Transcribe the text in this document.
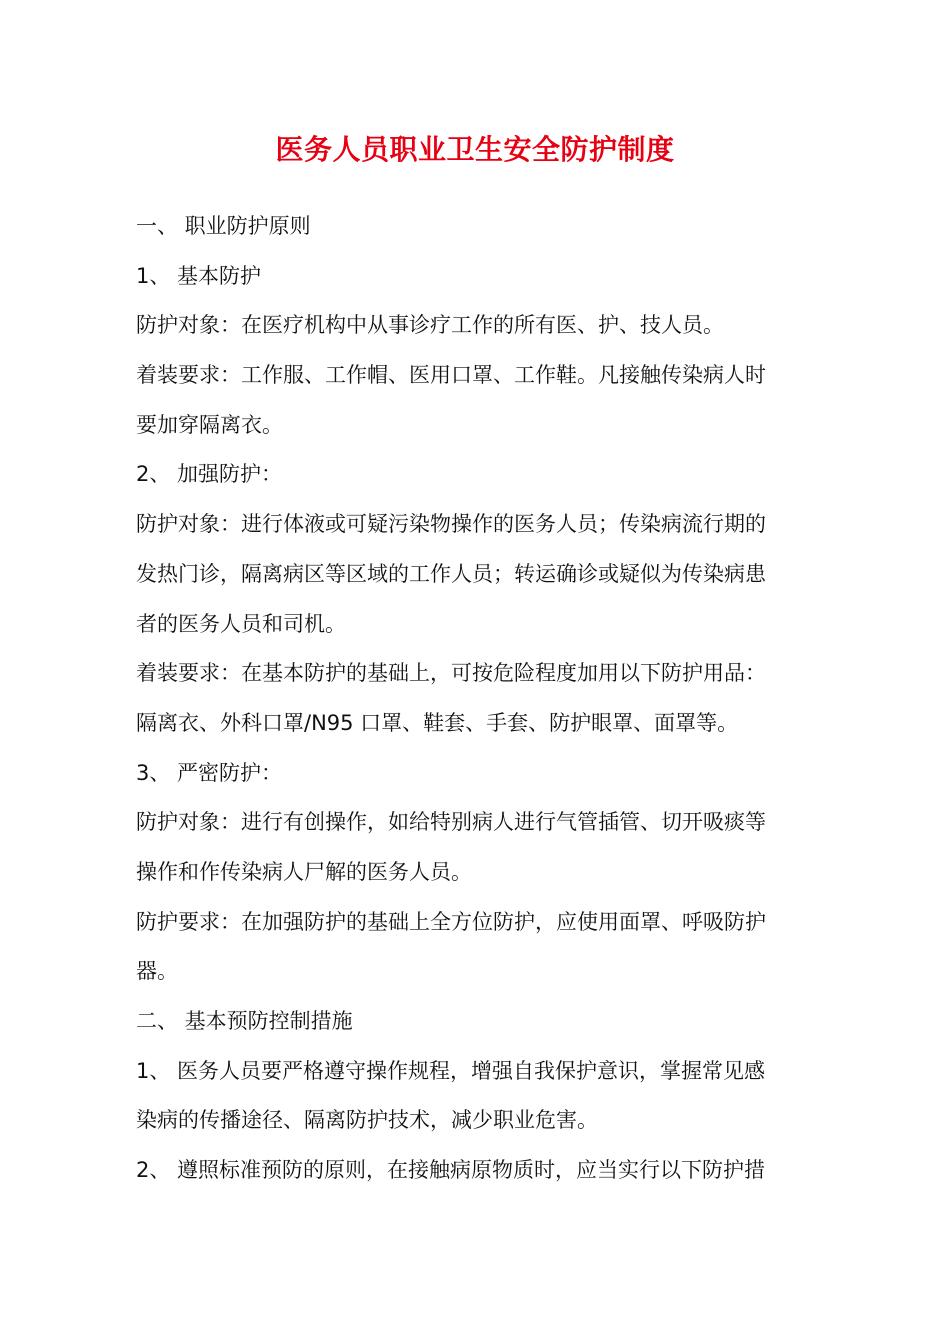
医务人员职业卫生安全防护制度
一、 职业防护原则
1、 基本防护
防护对象：在医疗机构中从事诊疗工作的所有医、护、技人员。
着装要求：工作服、工作帽、医用口罩、工作鞋。凡接触传染病人时
要加穿隔离衣。
2、 加强防护：
防护对象：进行体液或可疑污染物操作的医务人员；传染病流行期的
发热门诊，隔离病区等区域的工作人员；转运确诊或疑似为传染病患
者的医务人员和司机。
着装要求：在基本防护的基础上，可按危险程度加用以下防护用品：
隔离衣、外科口罩/N95 口罩、鞋套、手套、防护眼罩、面罩等。
3、 严密防护：
防护对象：进行有创操作，如给特别病人进行气管插管、切开吸痰等
操作和作传染病人尸解的医务人员。
防护要求：在加强防护的基础上全方位防护，应使用面罩、呼吸防护
器。
二、 基本预防控制措施
1、 医务人员要严格遵守操作规程，增强自我保护意识，掌握常见感
染病的传播途径、隔离防护技术，减少职业危害。
2、 遵照标准预防的原则，在接触病原物质时，应当实行以下防护措
